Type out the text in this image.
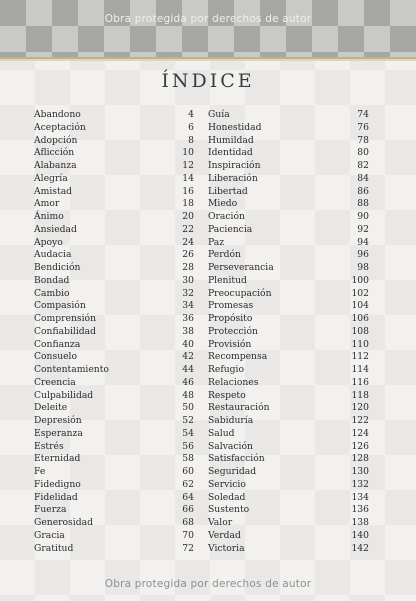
Obra protegida por derechos de autor
ÍNDICE
Abandono	4
Aceptación	6
Adopción	8
Aflicción	10
Alabanza	12
Alegría	14
Amistad	16
Amor	18
Ánimo	20
Ansiedad	22
Apoyo	24
Audacia	26
Bendición	28
Bondad	30
Cambio	32
Compasión	34
Comprensión	36
Confiabilidad	38
Confianza	40
Consuelo	42
Contentamiento	44
Creencia	46
Culpabilidad	48
Deleite	50
Depresión	52
Esperanza	54
Estrés	56
Eternidad	58
Fe	60
Fidedigno	62
Fidelidad	64
Fuerza	66
Generosidad	68
Gracia	70
Gratitud	72
Guía	74
Honestidad	76
Humildad	78
Identidad	80
Inspiración	82
Liberación	84
Libertad	86
Miedo	88
Oración	90
Paciencia	92
Paz	94
Perdón	96
Perseverancia	98
Plenitud	100
Preocupación	102
Promesas	104
Propósito	106
Protección	108
Provisión	110
Recompensa	112
Refugio	114
Relaciones	116
Respeto	118
Restauración	120
Sabiduría	122
Salud	124
Salvación	126
Satisfacción	128
Seguridad	130
Servicio	132
Soledad	134
Sustento	136
Valor	138
Verdad	140
Victoria	142
Obra protegida por derechos de autor
